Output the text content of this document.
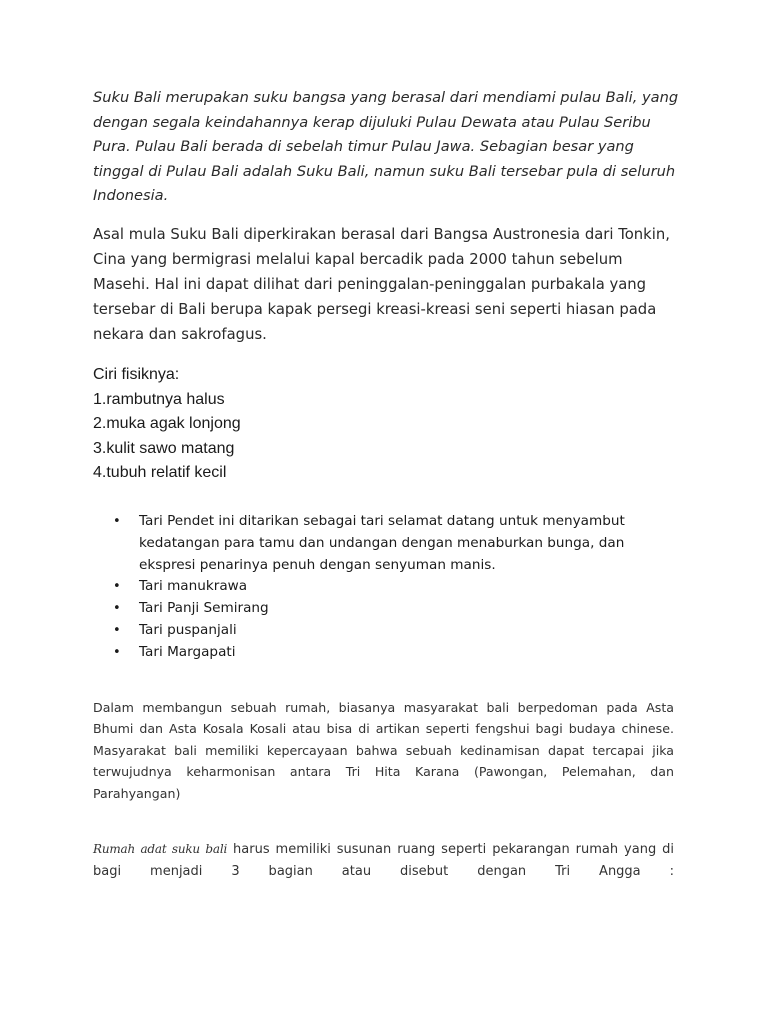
Suku Bali merupakan suku bangsa yang berasal dari mendiami pulau Bali, yang dengan segala keindahannya kerap dijuluki Pulau Dewata atau Pulau Seribu Pura. Pulau Bali berada di sebelah timur Pulau Jawa. Sebagian besar yang tinggal di Pulau Bali adalah Suku Bali, namun suku Bali tersebar pula di seluruh Indonesia.

Asal mula Suku Bali diperkirakan berasal dari Bangsa Austronesia dari Tonkin, Cina yang bermigrasi melalui kapal bercadik pada 2000 tahun sebelum Masehi. Hal ini dapat dilihat dari peninggalan-peninggalan purbakala yang tersebar di Bali berupa kapak persegi kreasi-kreasi seni seperti hiasan pada nekara dan sakrofagus.

Ciri fisiknya:
1.rambutnya halus
2.muka agak lonjong
3.kulit sawo matang
4.tubuh relatif kecil
• Tari Pendet ini ditarikan sebagai tari selamat datang untuk menyambut kedatangan para tamu dan undangan dengan menaburkan bunga, dan ekspresi penarinya penuh dengan senyuman manis.
• Tari manukrawa
• Tari Panji Semirang
• Tari puspanjali
• Tari Margapati

Dalam membangun sebuah rumah, biasanya masyarakat bali berpedoman pada Asta Bhumi dan Asta Kosala Kosali atau bisa di artikan seperti fengshui bagi budaya chinese. Masyarakat bali memiliki kepercayaan bahwa sebuah kedinamisan dapat tercapai jika terwujudnya keharmonisan antara Tri Hita Karana (Pawongan, Pelemahan, dan Parahyangan)

Rumah adat suku bali harus memiliki susunan ruang seperti pekarangan rumah yang di bagi menjadi 3 bagian atau disebut dengan Tri Angga :
